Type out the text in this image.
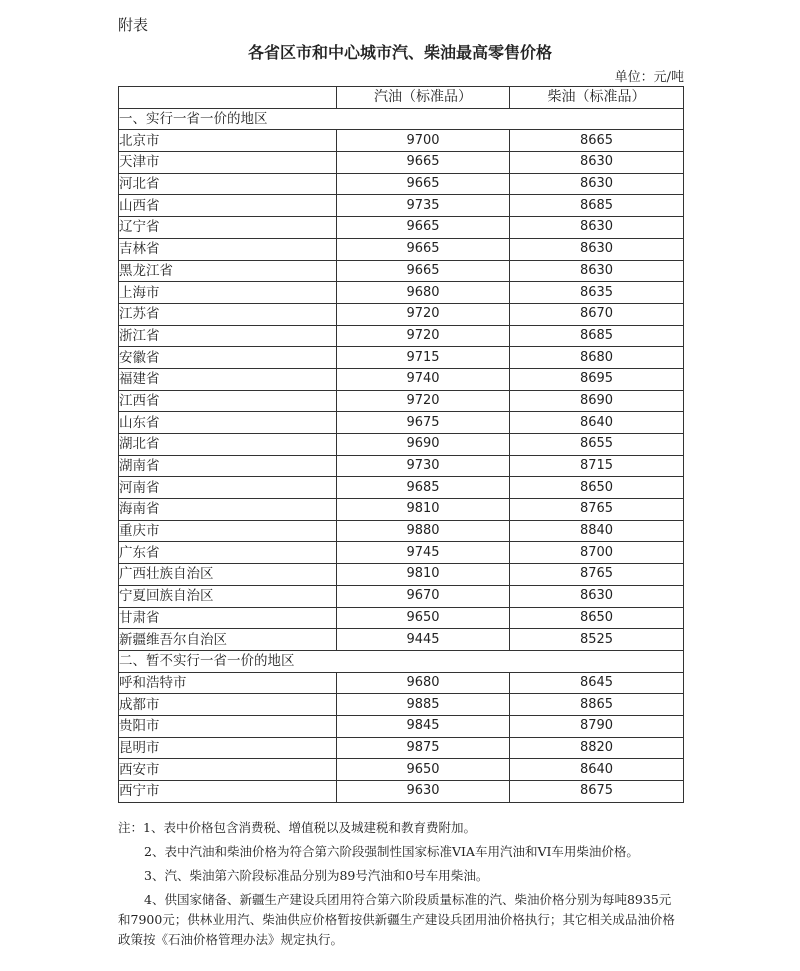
附表
各省区市和中心城市汽、柴油最高零售价格
单位：元/吨
	汽油（标准品）	柴油（标准品）
一、实行一省一价的地区		
北京市	9700	8665
天津市	9665	8630
河北省	9665	8630
山西省	9735	8685
辽宁省	9665	8630
吉林省	9665	8630
黑龙江省	9665	8630
上海市	9680	8635
江苏省	9720	8670
浙江省	9720	8685
安徽省	9715	8680
福建省	9740	8695
江西省	9720	8690
山东省	9675	8640
湖北省	9690	8655
湖南省	9730	8715
河南省	9685	8650
海南省	9810	8765
重庆市	9880	8840
广东省	9745	8700
广西壮族自治区	9810	8765
宁夏回族自治区	9670	8630
甘肃省	9650	8650
新疆维吾尔自治区	9445	8525
二、暂不实行一省一价的地区		
呼和浩特市	9680	8645
成都市	9885	8865
贵阳市	9845	8790
昆明市	9875	8820
西安市	9650	8640
西宁市	9630	8675

注：1、表中价格包含消费税、增值税以及城建税和教育费附加。

2、表中汽油和柴油价格为符合第六阶段强制性国家标准VIA车用汽油和VI车用柴油价格。

3、汽、柴油第六阶段标准品分别为89号汽油和0号车用柴油。

4、供国家储备、新疆生产建设兵团用符合第六阶段质量标准的汽、柴油价格分别为每吨8935元和7900元；供林业用汽、柴油供应价格暂按供新疆生产建设兵团用油价格执行；其它相关成品油价格政策按《石油价格管理办法》规定执行。
